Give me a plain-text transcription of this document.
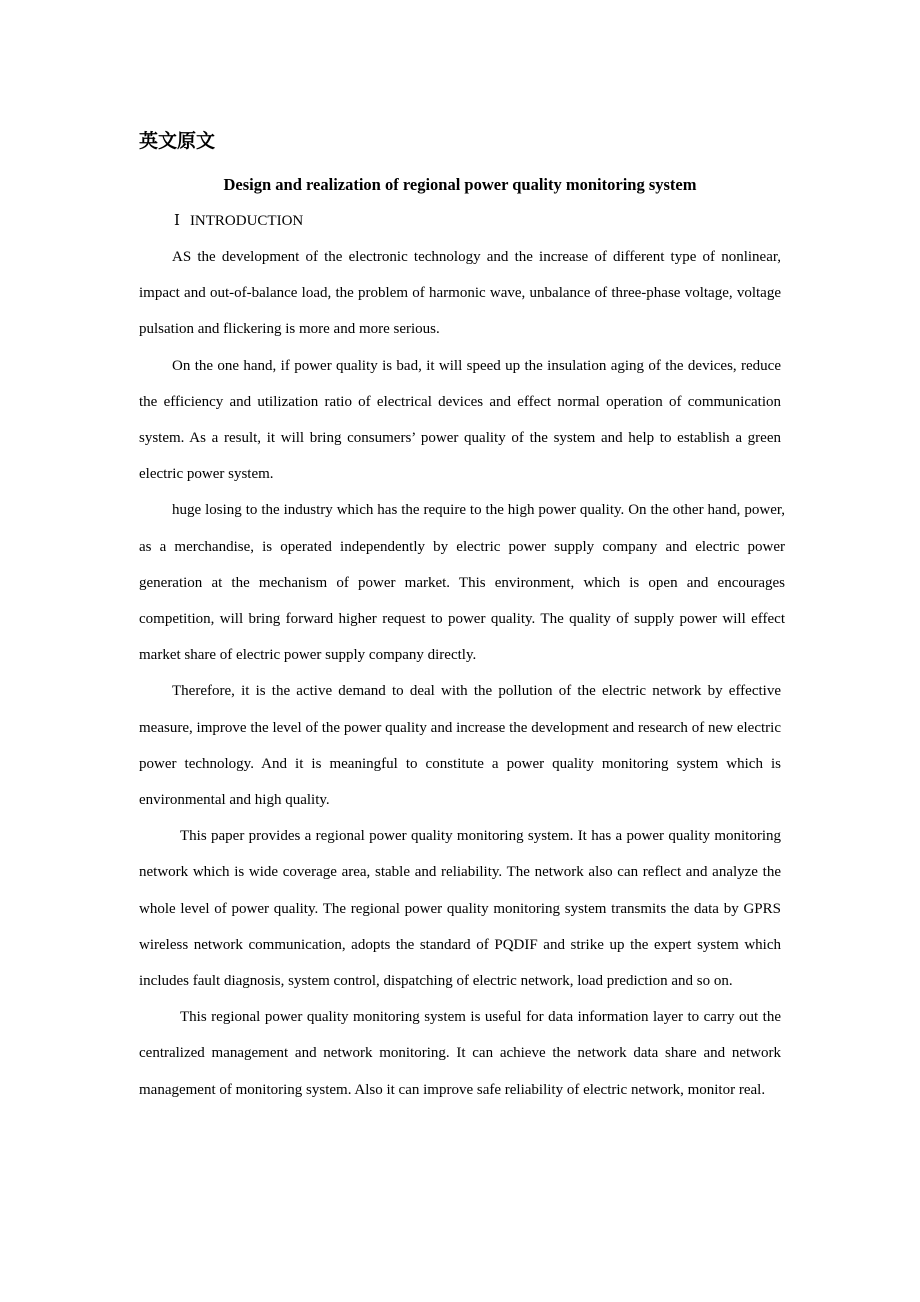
英文原文
Design and realization of regional power quality monitoring system
Ⅰ INTRODUCTION

AS the development of the electronic technology and the increase of different type of nonlinear, impact and out-of-balance load, the problem of harmonic wave, unbalance of three-phase voltage, voltage pulsation and flickering is more and more serious.

On the one hand, if power quality is bad, it will speed up the insulation aging of the devices, reduce the efficiency and utilization ratio of electrical devices and effect normal operation of communication system. As a result, it will bring consumers’ power quality of the system and help to establish a green electric power system.

huge losing to the industry which has the require to the high power quality. On the other hand, power, as a merchandise, is operated independently by electric power supply company and electric power generation at the mechanism of power market. This environment, which is open and encourages competition, will bring forward higher request to power quality. The quality of supply power will effect market share of electric power supply company directly.

Therefore, it is the active demand to deal with the pollution of the electric network by effective measure, improve the level of the power quality and increase the development and research of new electric power technology. And it is meaningful to constitute a power quality monitoring system which is environmental and high quality.

This paper provides a regional power quality monitoring system. It has a power quality monitoring network which is wide coverage area, stable and reliability. The network also can reflect and analyze the whole level of power quality. The regional power quality monitoring system transmits the data by GPRS wireless network communication, adopts the standard of PQDIF and strike up the expert system which includes fault diagnosis, system control, dispatching of electric network, load prediction and so on.

This regional power quality monitoring system is useful for data information layer to carry out the centralized management and network monitoring. It can achieve the network data share and network management of monitoring system. Also it can improve safe reliability of electric network, monitor real.
